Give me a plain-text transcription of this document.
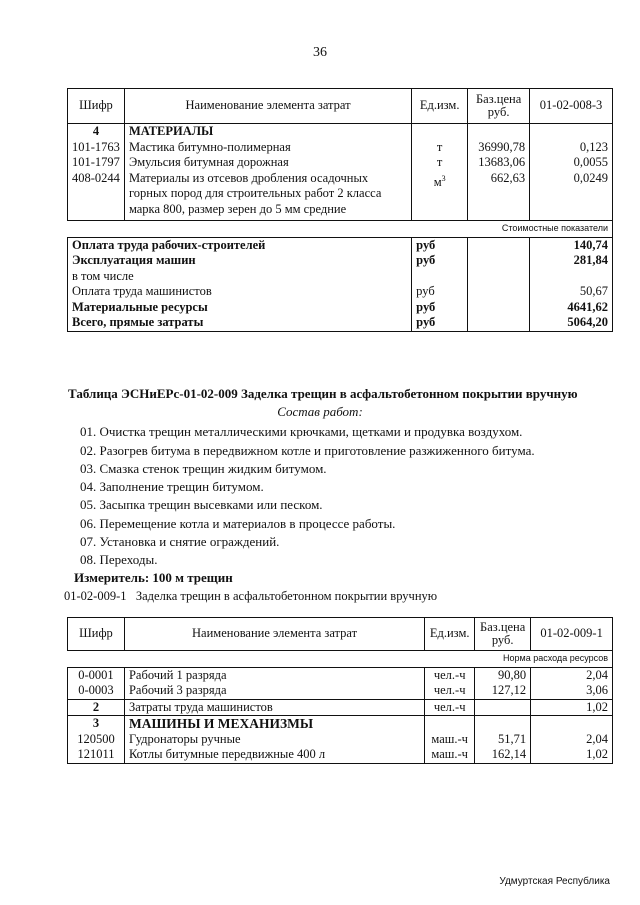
36
Шифр	Наименование элемента затрат	Ед.изм.	Баз.цена руб.	01-02-008-3
4	МАТЕРИАЛЫ			
101-1763	Мастика битумно-полимерная	т	36990,78	0,123
101-1797	Эмульсия битумная дорожная	т	13683,06	0,0055
408-0244	Материалы из отсевов дробления осадочных горных пород для строительных работ 2 класса марка 800, размер зерен до 5 мм средние	$м^3$	662,63	0,0249
Стоимостные показатели				
Оплата труда рабочих-строителей		руб		140,74
Эксплуатация машин		руб		281,84
в том числе				
Оплата труда машинистов		руб		50,67
Материальные ресурсы		руб		4641,62
Всего, прямые затраты		руб		5064,20
Таблица ЭСНиЕРс-01-02-009 Заделка трещин в асфальтобетонном покрытии вручную
Состав работ:
01. Очистка трещин металлическими крючками, щетками и продувка воздухом.
02. Разогрев битума в передвижном котле и приготовление разжиженного битума.
03. Смазка стенок трещин жидким битумом.
04. Заполнение трещин битумом.
05. Засыпка трещин высевками или песком.
06. Перемещение котла и материалов в процессе работы.
07. Установка и снятие ограждений.
08. Переходы.
Измеритель: 100 м трещин
01-02-009-1   Заделка трещин в асфальтобетонном покрытии вручную
Шифр	Наименование элемента затрат	Ед.изм.	Баз.цена руб.	01-02-009-1
Норма расхода ресурсов				
0-0001	Рабочий 1 разряда	чел.-ч	90,80	2,04
0-0003	Рабочий 3 разряда	чел.-ч	127,12	3,06
2	Затраты труда машинистов	чел.-ч		1,02
3	МАШИНЫ И МЕХАНИЗМЫ			
120500	Гудронаторы ручные	маш.-ч	51,71	2,04
121011	Котлы битумные передвижные 400 л	маш.-ч	162,14	1,02
Удмуртская Республика
